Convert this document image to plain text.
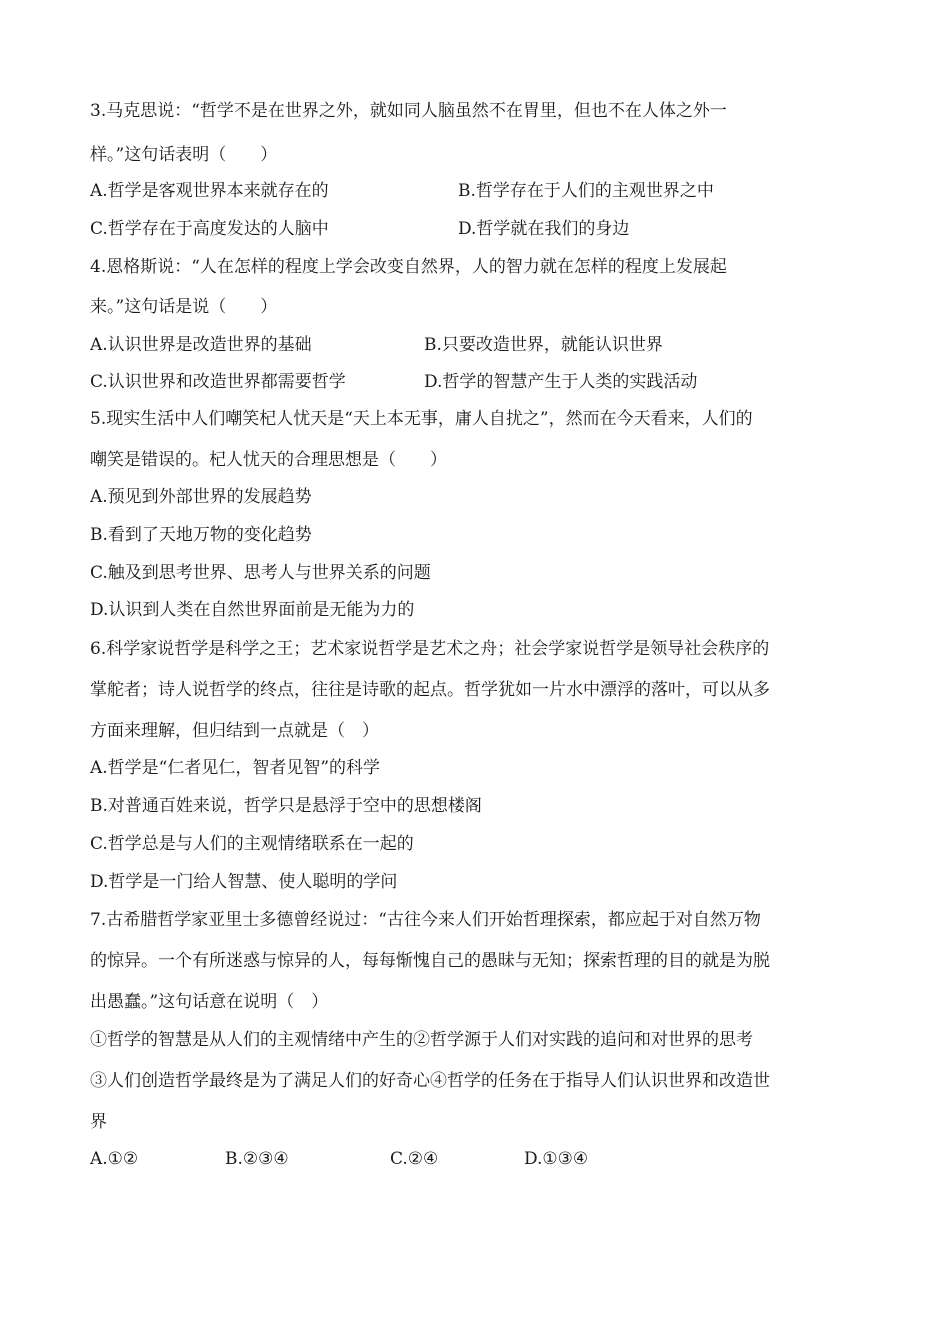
3.马克思说：“哲学不是在世界之外，就如同人脑虽然不在胃里，但也不在人体之外一
样。”这句话表明（　　）
A.哲学是客观世界本来就存在的	B.哲学存在于人们的主观世界之中
C.哲学存在于高度发达的人脑中	D.哲学就在我们的身边
4.恩格斯说：“人在怎样的程度上学会改变自然界，人的智力就在怎样的程度上发展起
来。”这句话是说（　　）
A.认识世界是改造世界的基础	B.只要改造世界，就能认识世界
C.认识世界和改造世界都需要哲学	D.哲学的智慧产生于人类的实践活动
5.现实生活中人们嘲笑杞人忧天是“天上本无事，庸人自扰之”，然而在今天看来，人们的
嘲笑是错误的。杞人忧天的合理思想是（　　）
A.预见到外部世界的发展趋势
B.看到了天地万物的变化趋势
C.触及到思考世界、思考人与世界关系的问题
D.认识到人类在自然世界面前是无能为力的
6.科学家说哲学是科学之王；艺术家说哲学是艺术之舟；社会学家说哲学是领导社会秩序的
掌舵者；诗人说哲学的终点，往往是诗歌的起点。哲学犹如一片水中漂浮的落叶，可以从多
方面来理解，但归结到一点就是（　）
A.哲学是“仁者见仁，智者见智”的科学
B.对普通百姓来说，哲学只是悬浮于空中的思想楼阁
C.哲学总是与人们的主观情绪联系在一起的
D.哲学是一门给人智慧、使人聪明的学问
7.古希腊哲学家亚里士多德曾经说过：“古往今来人们开始哲理探索，都应起于对自然万物
的惊异。一个有所迷惑与惊异的人，每每惭愧自己的愚昧与无知；探索哲理的目的就是为脱
出愚蠢。”这句话意在说明（　）
①哲学的智慧是从人们的主观情绪中产生的②哲学源于人们对实践的追问和对世界的思考
③人们创造哲学最终是为了满足人们的好奇心④哲学的任务在于指导人们认识世界和改造世
界
A.①②	B.②③④	C.②④	D.①③④
